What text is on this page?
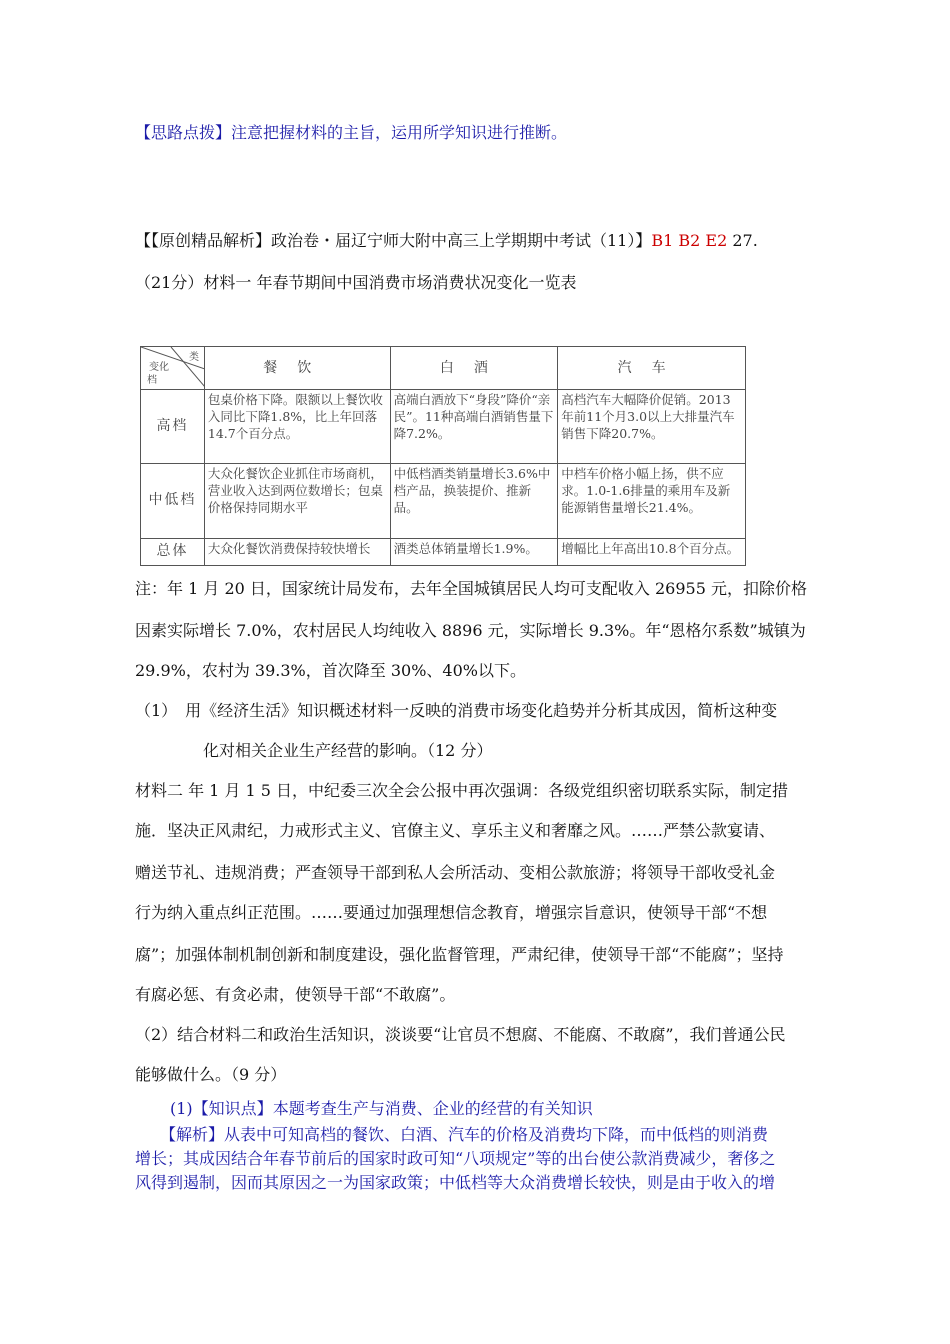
【思路点拨】注意把握材料的主旨，运用所学知识进行推断。
【【原创精品解析】政治卷・届辽宁师大附中高三上学期期中考试（11）】B1 B2 E2 27.
（21分）材料一 年春节期间中国消费市场消费状况变化一览表
类
变化
档	餐饮	白酒	汽车
高档	包桌价格下降。限额以上餐饮收入同比下降1.8%，比上年回落14.7个百分点。	高端白酒放下“身段”降价“亲民”。11种高端白酒销售量下降7.2%。	高档汽车大幅降价促销。2013年前11个月3.0以上大排量汽车销售下降20.7%。
中低档	大众化餐饮企业抓住市场商机，营业收入达到两位数增长；包桌价格保持同期水平	中低档酒类销量增长3.6%中档产品，换装提价、推新品。	中档车价格小幅上扬，供不应求。1.0-1.6排量的乘用车及新能源销售量增长21.4%。
总体	大众化餐饮消费保持较快增长	酒类总体销量增长1.9%。	增幅比上年高出10.8个百分点。
注：年 1 月 20 日，国家统计局发布，去年全国城镇居民人均可支配收入 26955 元，扣除价格
因素实际增长 7.0%，农村居民人均纯收入 8896 元，实际增长 9.3%。年“恩格尔系数”城镇为
29.9%，农村为 39.3%，首次降至 30%、40%以下。
（1）　用《经济生活》知识概述材料一反映的消费市场变化趋势并分析其成因，简析这种变
化对相关企业生产经营的影响。（12 分）
材料二 年 1 月 1 5 日，中纪委三次全会公报中再次强调：各级党组织密切联系实际，制定措
施．坚决正风肃纪，力戒形式主义、官僚主义、享乐主义和奢靡之风。……严禁公款宴请、
赠送节礼、违规消费；严查领导干部到私人会所活动、变相公款旅游；将领导干部收受礼金
行为纳入重点纠正范围。……要通过加强理想信念教育，增强宗旨意识，使领导干部“不想
腐”；加强体制机制创新和制度建设，强化监督管理，严肃纪律，使领导干部“不能腐”；坚持
有腐必惩、有贪必肃，使领导干部“不敢腐”。
（2）结合材料二和政治生活知识，淡谈要“让官员不想腐、不能腐、不敢腐”，我们普通公民
能够做什么。（9 分）
(1)【知识点】本题考查生产与消费、企业的经营的有关知识
【解析】从表中可知高档的餐饮、白酒、汽车的价格及消费均下降，而中低档的则消费
增长；其成因结合年春节前后的国家时政可知“八项规定”等的出台使公款消费减少，奢侈之
风得到遏制，因而其原因之一为国家政策；中低档等大众消费增长较快，则是由于收入的增
